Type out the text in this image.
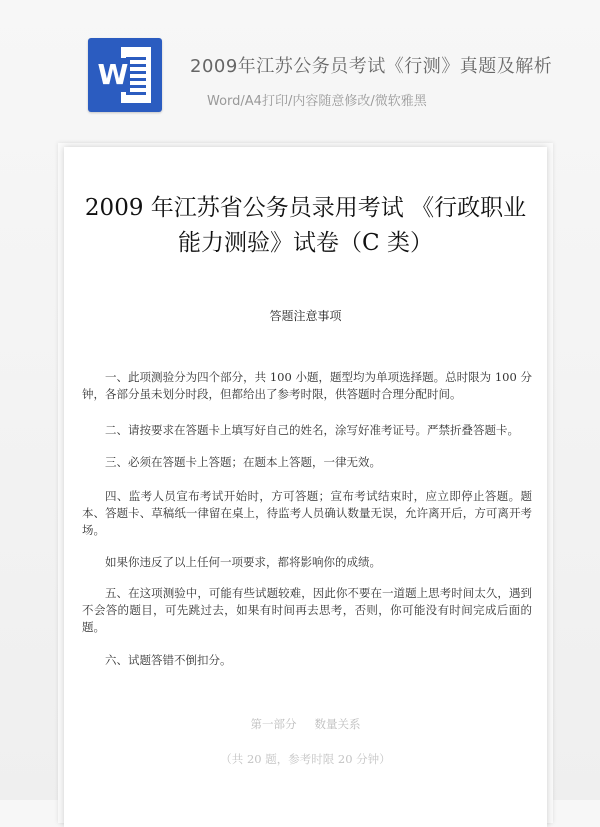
W	2009年江苏公务员考试《行测》真题及解析
Word/A4打印/内容随意修改/微软雅黑
2009 年江苏省公务员录用考试 《行政职业能力测验》试卷（C 类）
答题注意事项

一、此项测验分为四个部分，共 100 小题，题型均为单项选择题。总时限为 100 分钟，各部分虽未划分时段，但都给出了参考时限，供答题时合理分配时间。

二、请按要求在答题卡上填写好自己的姓名，涂写好准考证号。严禁折叠答题卡。

三、必须在答题卡上答题；在题本上答题，一律无效。

四、监考人员宣布考试开始时，方可答题；宣布考试结束时，应立即停止答题。题本、答题卡、草稿纸一律留在桌上，待监考人员确认数量无误，允许离开后，方可离开考场。

如果你违反了以上任何一项要求，都将影响你的成绩。

五、在这项测验中，可能有些试题较难，因此你不要在一道题上思考时间太久，遇到不会答的题目，可先跳过去，如果有时间再去思考，否则，你可能没有时间完成后面的题。

六、试题答错不倒扣分。

第一部分 数量关系
（共 20 题，参考时限 20 分钟）
